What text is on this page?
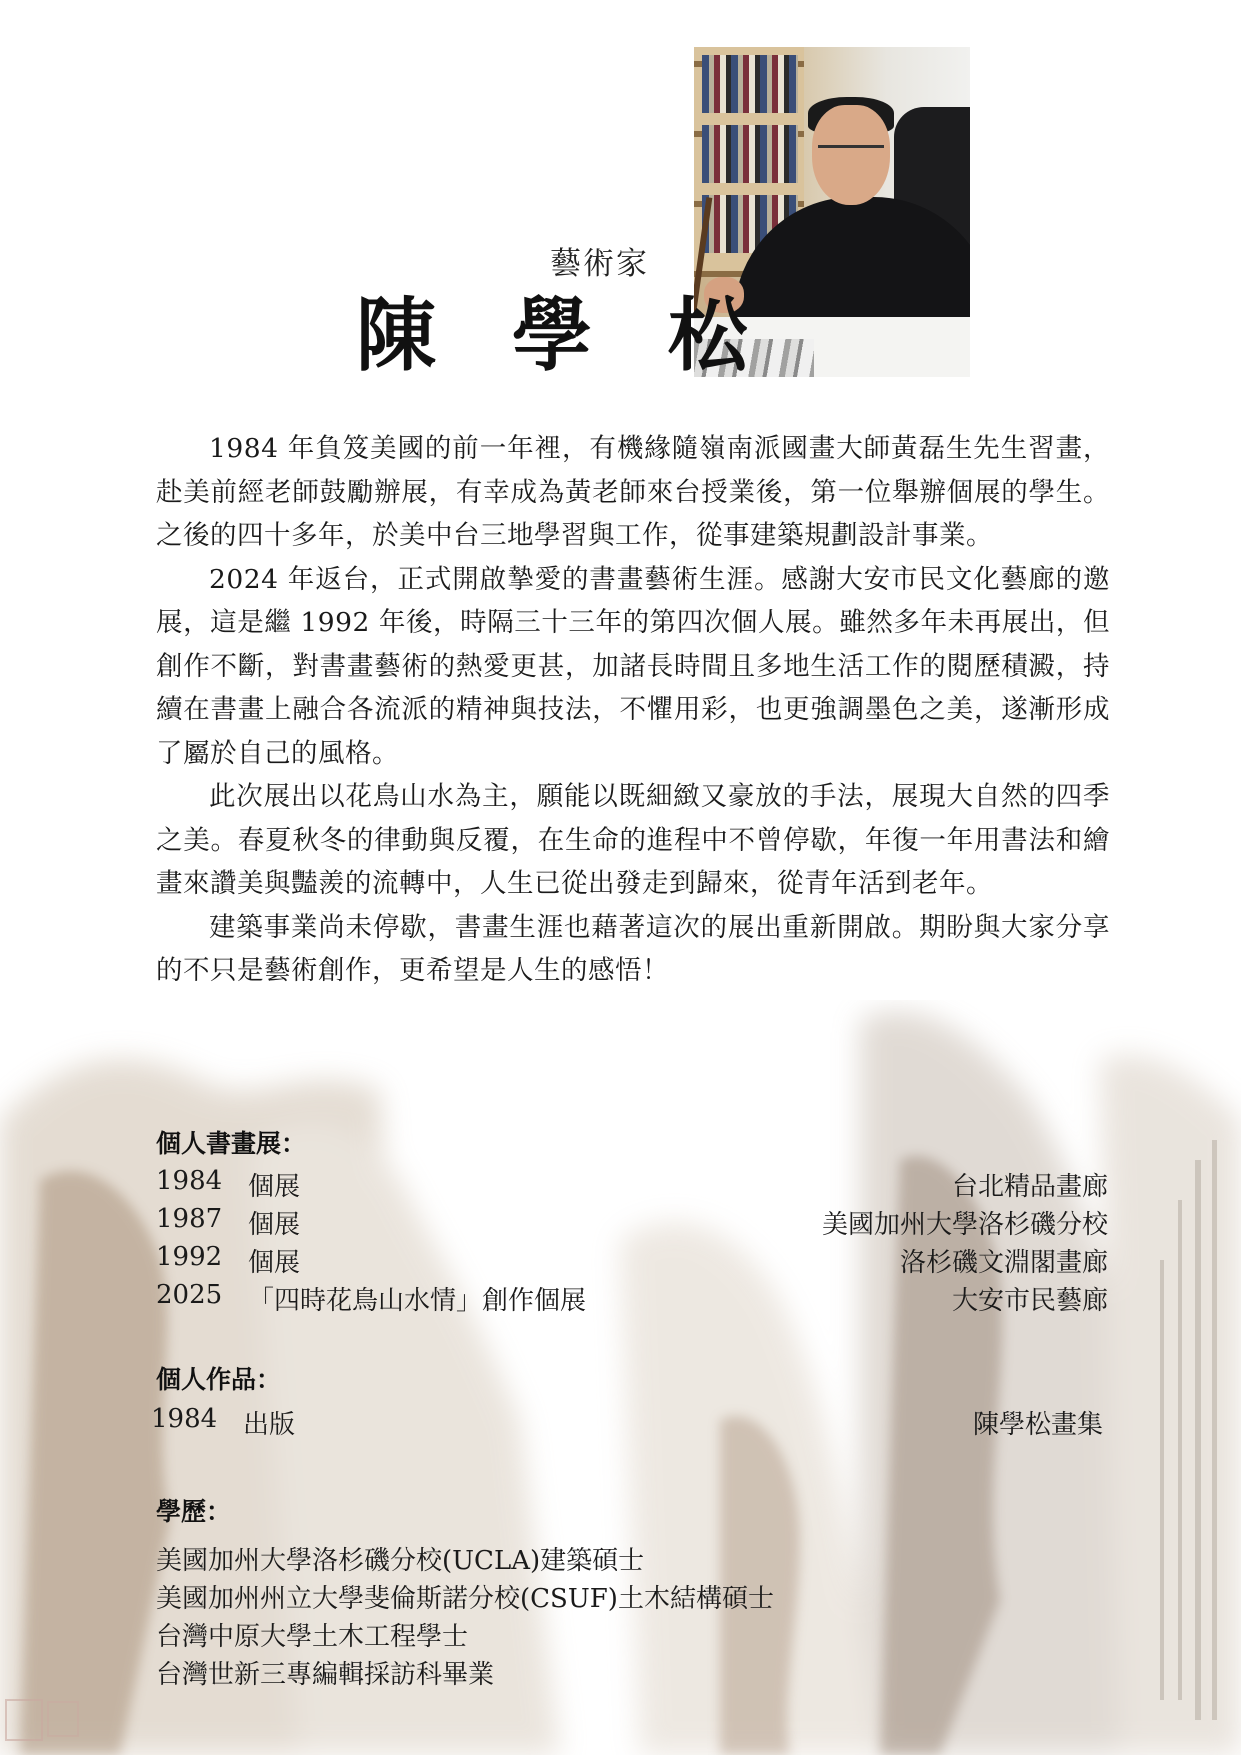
藝術家
陳 學 松

1984 年負笈美國的前一年裡，有機緣隨嶺南派國畫大師黃磊生先生習畫，赴美前經老師鼓勵辦展，有幸成為黃老師來台授業後，第一位舉辦個展的學生。之後的四十多年，於美中台三地學習與工作，從事建築規劃設計事業。

2024 年返台，正式開啟摯愛的書畫藝術生涯。感謝大安市民文化藝廊的邀展，這是繼 1992 年後，時隔三十三年的第四次個人展。雖然多年未再展出，但創作不斷，對書畫藝術的熱愛更甚，加諸長時間且多地生活工作的閱歷積澱，持續在書畫上融合各流派的精神與技法，不懼用彩，也更強調墨色之美，遂漸形成了屬於自己的風格。

此次展出以花鳥山水為主，願能以既細緻又豪放的手法，展現大自然的四季之美。春夏秋冬的律動與反覆，在生命的進程中不曾停歇，年復一年用書法和繪畫來讚美與豔羨的流轉中，人生已從出發走到歸來，從青年活到老年。

建築事業尚未停歇，書畫生涯也藉著這次的展出重新開啟。期盼與大家分享的不只是藝術創作，更希望是人生的感悟！

個人書畫展：
1984 個展	台北精品畫廊
1987 個展	美國加州大學洛杉磯分校
1992 個展	洛杉磯文淵閣畫廊
2025 「四時花鳥山水情」創作個展	大安市民藝廊
個人作品：
1984 出版	陳學松畫集
學歷：
美國加州大學洛杉磯分校(UCLA)建築碩士
美國加州州立大學斐倫斯諾分校(CSUF)土木結構碩士
台灣中原大學土木工程學士
台灣世新三專編輯採訪科畢業
